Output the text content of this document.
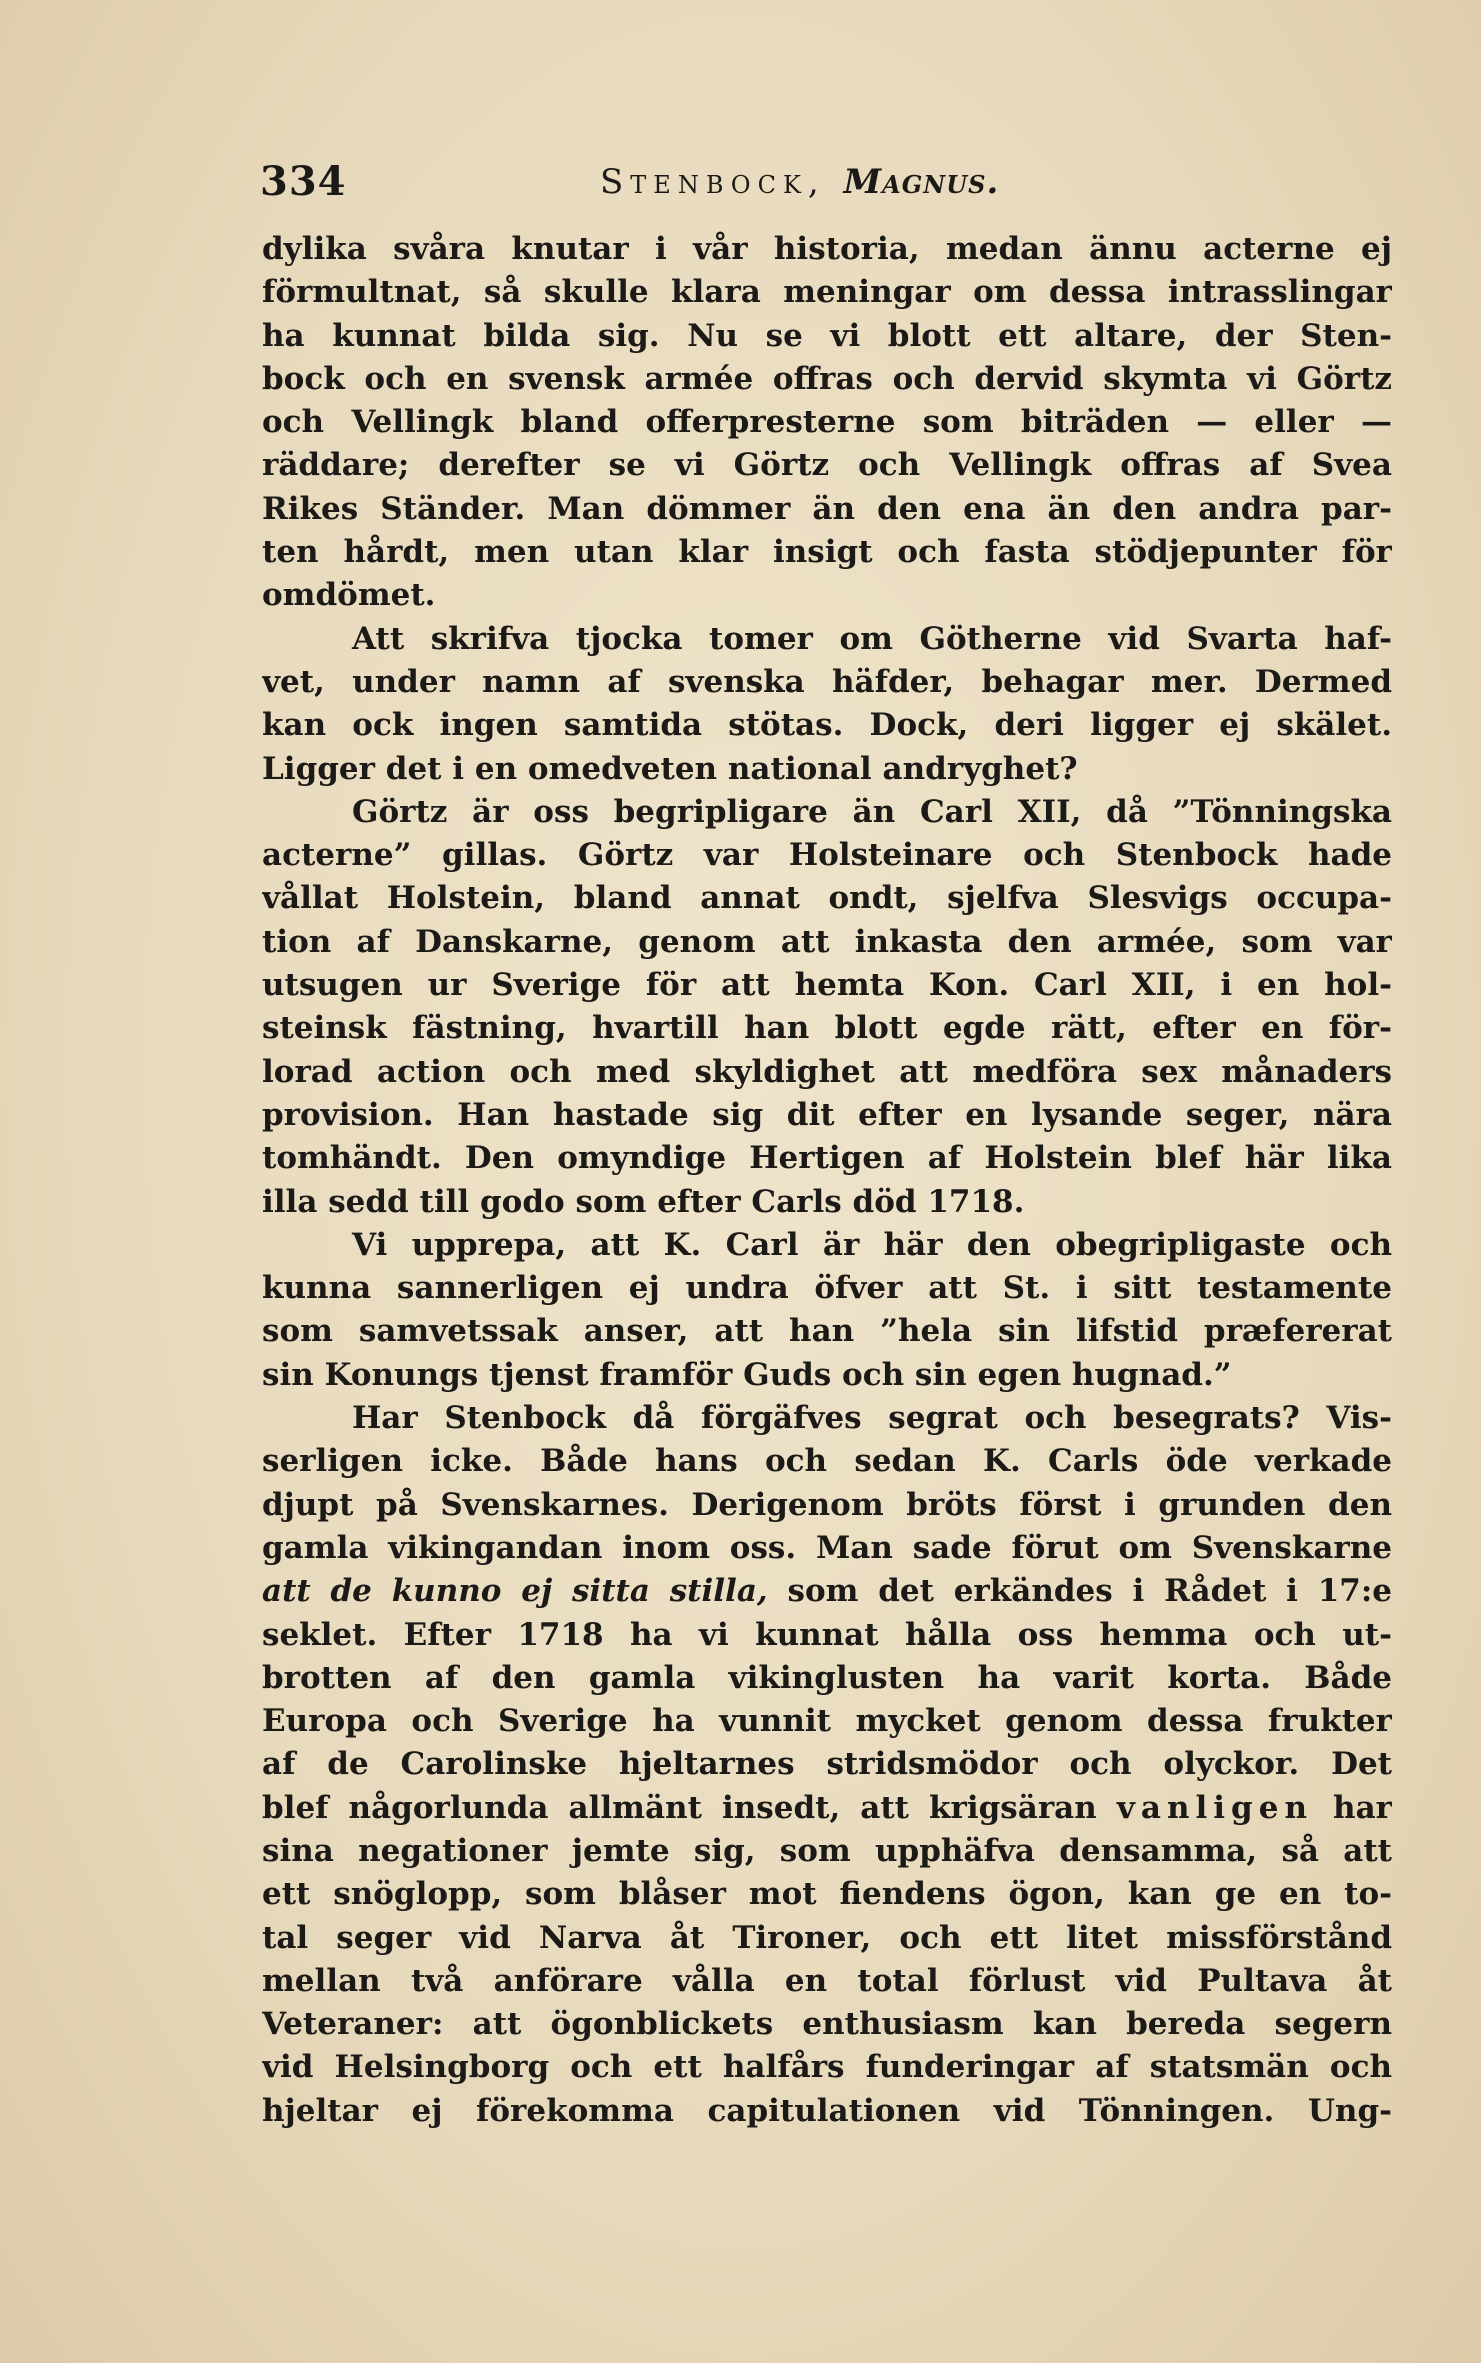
334	Stenbock, Magnus.
dylika svåra knutar i vår historia, medan ännu acterne ej
förmultnat, så skulle klara meningar om dessa intrasslingar
ha kunnat bilda sig. Nu se vi blott ett altare, der Sten-
bock och en svensk armée offras och dervid skymta vi Görtz
och Vellingk bland offerpresterne som biträden — eller —
räddare; derefter se vi Görtz och Vellingk offras af Svea
Rikes Ständer. Man dömmer än den ena än den andra par-
ten hårdt, men utan klar insigt och fasta stödjepunter för
omdömet.
Att skrifva tjocka tomer om Götherne vid Svarta haf-
vet, under namn af svenska häfder, behagar mer. Dermed
kan ock ingen samtida stötas. Dock, deri ligger ej skälet.
Ligger det i en omedveten national andryghet?
Görtz är oss begripligare än Carl XII, då ”Tönningska
acterne” gillas. Görtz var Holsteinare och Stenbock hade
vållat Holstein, bland annat ondt, sjelfva Slesvigs occupa-
tion af Danskarne, genom att inkasta den armée, som var
utsugen ur Sverige för att hemta Kon. Carl XII, i en hol-
steinsk fästning, hvartill han blott egde rätt, efter en för-
lorad action och med skyldighet att medföra sex månaders
provision. Han hastade sig dit efter en lysande seger, nära
tomhändt. Den omyndige Hertigen af Holstein blef här lika
illa sedd till godo som efter Carls död 1718.
Vi upprepa, att K. Carl är här den obegripligaste och
kunna sannerligen ej undra öfver att St. i sitt testamente
som samvetssak anser, att han ”hela sin lifstid præfererat
sin Konungs tjenst framför Guds och sin egen hugnad.”
Har Stenbock då förgäfves segrat och besegrats? Vis-
serligen icke. Både hans och sedan K. Carls öde verkade
djupt på Svenskarnes. Derigenom bröts först i grunden den
gamla vikingandan inom oss. Man sade förut om Svenskarne
att de kunno ej sitta stilla, som det erkändes i Rådet i 17:e
seklet. Efter 1718 ha vi kunnat hålla oss hemma och ut-
brotten af den gamla vikinglusten ha varit korta. Både
Europa och Sverige ha vunnit mycket genom dessa frukter
af de Carolinske hjeltarnes stridsmödor och olyckor. Det
blef någorlunda allmänt insedt, att krigsäran vanligen har
sina negationer jemte sig, som upphäfva densamma, så att
ett snöglopp, som blåser mot fiendens ögon, kan ge en to-
tal seger vid Narva åt Tironer, och ett litet missförstånd
mellan två anförare vålla en total förlust vid Pultava åt
Veteraner: att ögonblickets enthusiasm kan bereda segern
vid Helsingborg och ett halfårs funderingar af statsmän och
hjeltar ej förekomma capitulationen vid Tönningen. Ung-
